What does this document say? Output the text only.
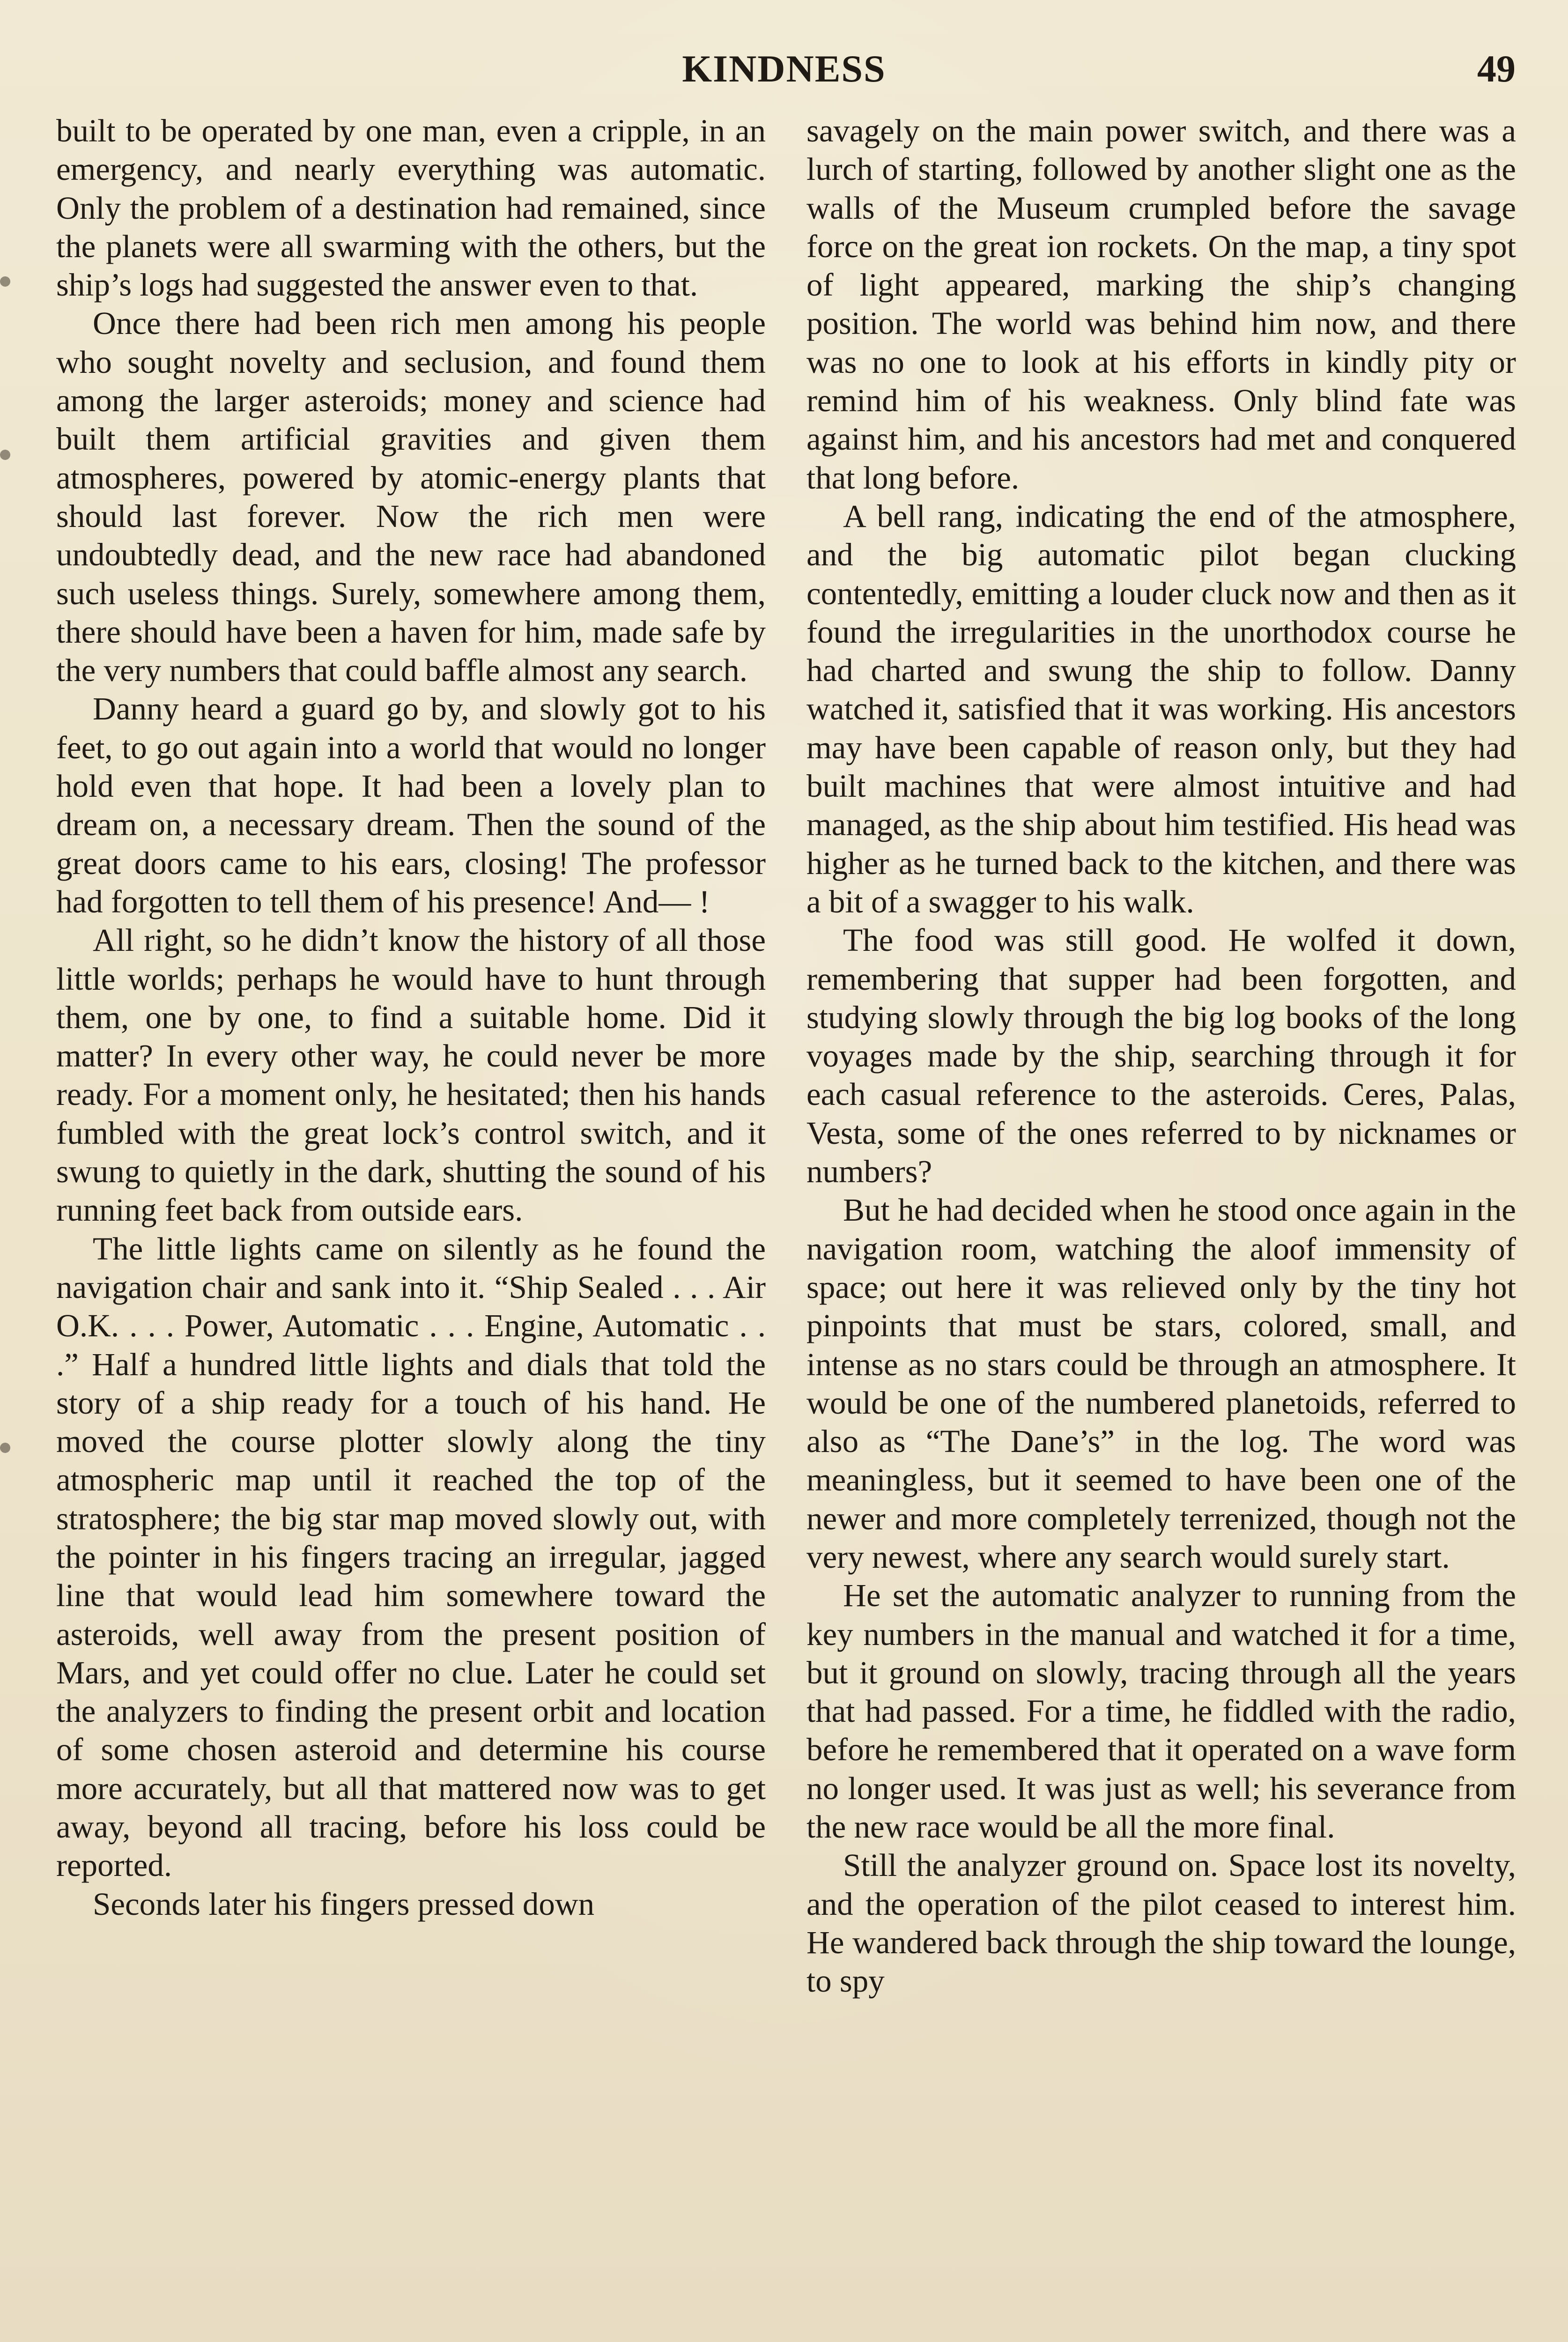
KINDNESS	49

built to be operated by one man, even a cripple, in an emergency, and nearly everything was automatic. Only the problem of a destination had remained, since the planets were all swarming with the others, but the ship’s logs had suggested the answer even to that.

Once there had been rich men among his people who sought novelty and seclusion, and found them among the larger asteroids; money and science had built them artificial gravities and given them atmospheres, powered by atomic-energy plants that should last forever. Now the rich men were undoubtedly dead, and the new race had abandoned such useless things. Surely, somewhere among them, there should have been a haven for him, made safe by the very numbers that could baffle almost any search.

Danny heard a guard go by, and slowly got to his feet, to go out again into a world that would no longer hold even that hope. It had been a lovely plan to dream on, a necessary dream. Then the sound of the great doors came to his ears, closing! The professor had forgotten to tell them of his presence! And— !

All right, so he didn’t know the history of all those little worlds; perhaps he would have to hunt through them, one by one, to find a suitable home. Did it matter? In every other way, he could never be more ready. For a moment only, he hesitated; then his hands fumbled with the great lock’s control switch, and it swung to quietly in the dark, shutting the sound of his running feet back from outside ears.

The little lights came on silently as he found the navigation chair and sank into it. “Ship Sealed . . . Air O.K. . . . Power, Automatic . . . Engine, Automatic . . .” Half a hundred little lights and dials that told the story of a ship ready for a touch of his hand. He moved the course plotter slowly along the tiny atmospheric map until it reached the top of the stratosphere; the big star map moved slowly out, with the pointer in his fingers tracing an irregular, jagged line that would lead him somewhere toward the asteroids, well away from the present position of Mars, and yet could offer no clue. Later he could set the analyzers to finding the present orbit and location of some chosen asteroid and determine his course more accurately, but all that mattered now was to get away, beyond all tracing, before his loss could be reported.

Seconds later his fingers pressed down

savagely on the main power switch, and there was a lurch of starting, followed by another slight one as the walls of the Museum crumpled before the savage force on the great ion rockets. On the map, a tiny spot of light appeared, marking the ship’s changing position. The world was behind him now, and there was no one to look at his efforts in kindly pity or remind him of his weakness. Only blind fate was against him, and his ancestors had met and conquered that long before.

A bell rang, indicating the end of the atmosphere, and the big automatic pilot began clucking contentedly, emitting a louder cluck now and then as it found the irregularities in the unorthodox course he had charted and swung the ship to follow. Danny watched it, satisfied that it was working. His ancestors may have been capable of reason only, but they had built machines that were almost intuitive and had managed, as the ship about him testified. His head was higher as he turned back to the kitchen, and there was a bit of a swagger to his walk.

The food was still good. He wolfed it down, remembering that supper had been forgotten, and studying slowly through the big log books of the long voyages made by the ship, searching through it for each casual reference to the asteroids. Ceres, Palas, Vesta, some of the ones referred to by nicknames or numbers?

But he had decided when he stood once again in the navigation room, watching the aloof immensity of space; out here it was relieved only by the tiny hot pinpoints that must be stars, colored, small, and intense as no stars could be through an atmosphere. It would be one of the numbered planetoids, referred to also as “The Dane’s” in the log. The word was meaningless, but it seemed to have been one of the newer and more completely terrenized, though not the very newest, where any search would surely start.

He set the automatic analyzer to running from the key numbers in the manual and watched it for a time, but it ground on slowly, tracing through all the years that had passed. For a time, he fiddled with the radio, before he remembered that it operated on a wave form no longer used. It was just as well; his severance from the new race would be all the more final.

Still the analyzer ground on. Space lost its novelty, and the operation of the pilot ceased to interest him. He wandered back through the ship toward the lounge, to spy
